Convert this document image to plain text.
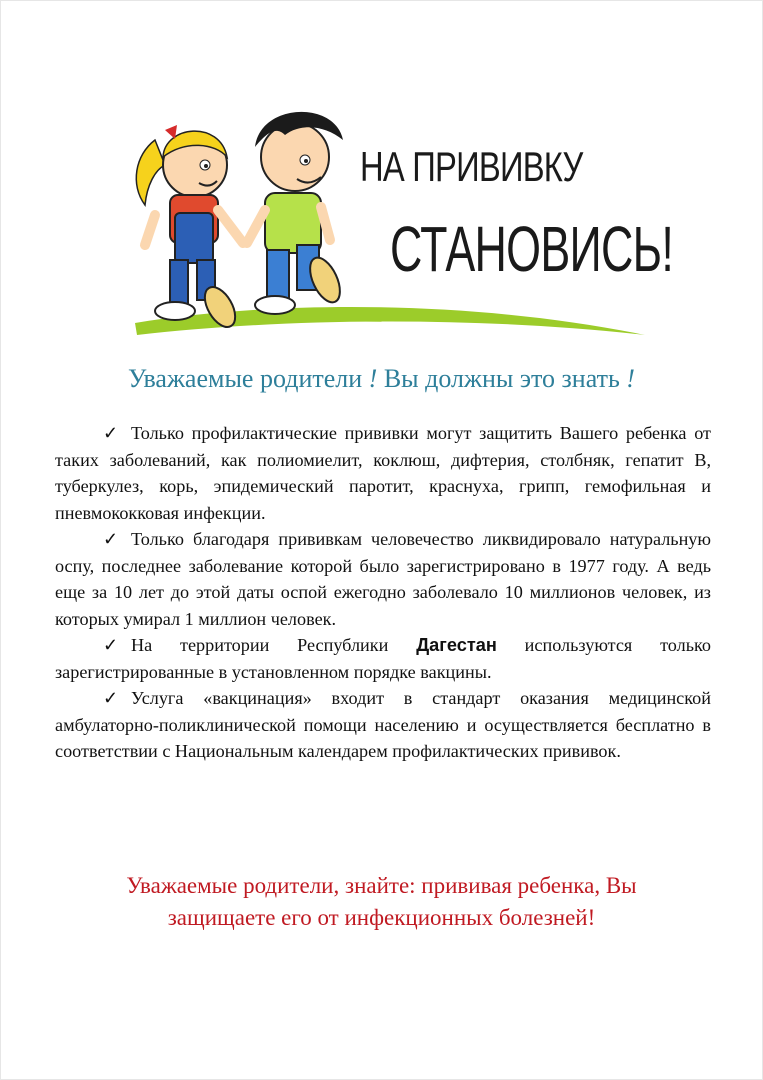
НА ПРИВИВКУ
СТАНОВИСЬ!
Уважаемые родители ! Вы должны это знать !

✓ Только профилактические прививки могут защитить Вашего ребенка от таких заболеваний, как полиомиелит, коклюш, дифтерия, столбняк, гепатит В, туберкулез, корь, эпидемический паротит, краснуха, грипп, гемофильная и пневмококковая инфекции.

✓ Только благодаря прививкам человечество ликвидировало натуральную оспу, последнее заболевание которой было зарегистрировано в 1977 году. А ведь еще за 10 лет до этой даты оспой ежегодно заболевало 10 миллионов человек, из которых умирал 1 миллион человек.

✓ На территории Республики Дагестан используются только зарегистрированные в установленном порядке вакцины.

✓ Услуга «вакцинация» входит в стандарт оказания медицинской амбулаторно-поликлинической помощи населению и осуществляется бесплатно в соответствии с Национальным календарем профилактических прививок.

Уважаемые родители, знайте: прививая ребенка, Вы
защищаете его от инфекционных болезней!
